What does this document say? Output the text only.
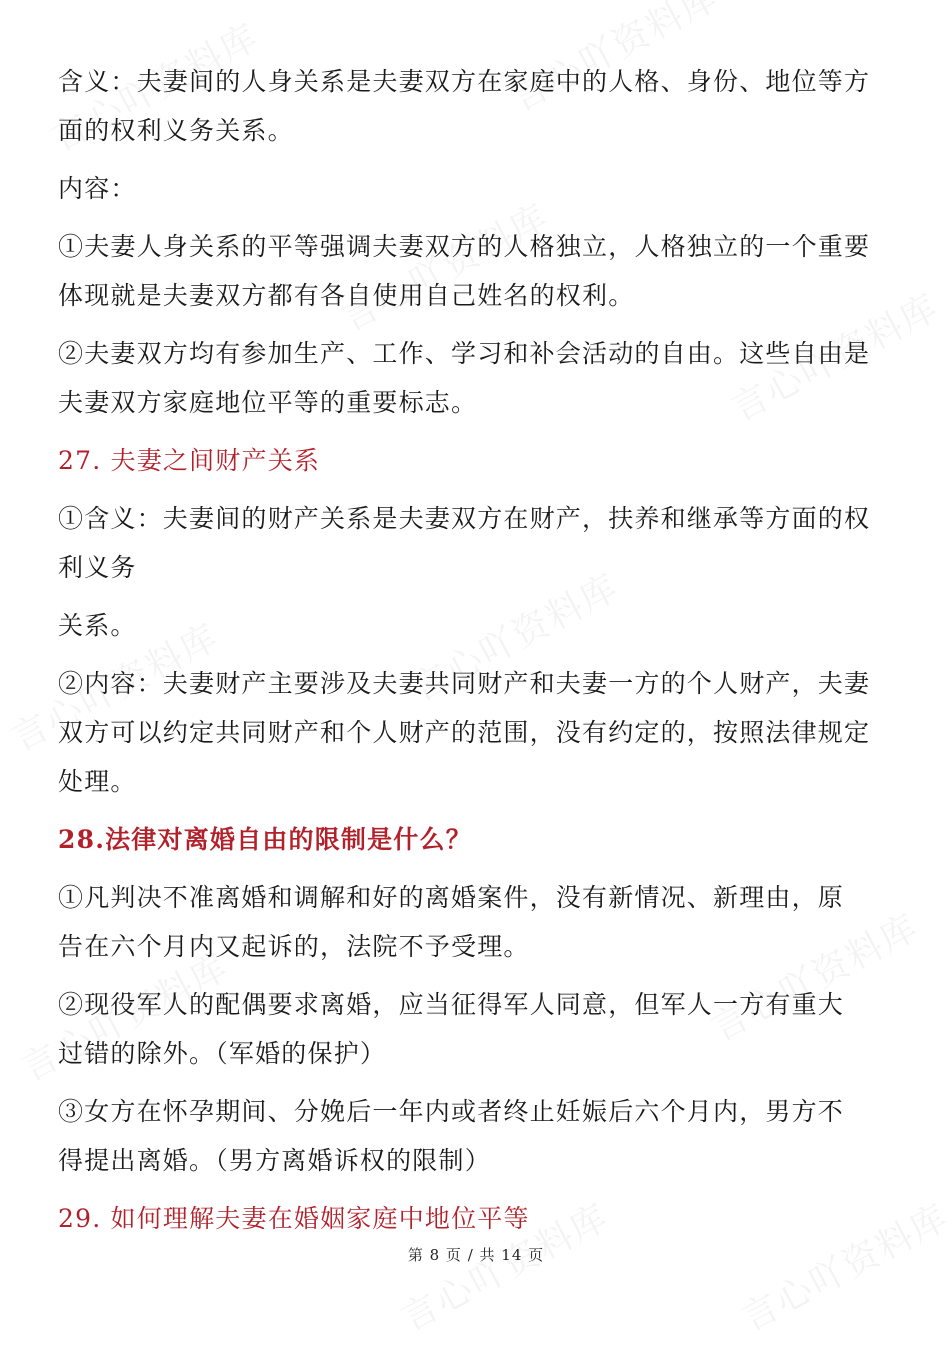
含义：夫妻间的人身关系是夫妻双方在家庭中的人格、身份、地位等方
面的权利义务关系。

内容：

①夫妻人身关系的平等强调夫妻双方的人格独立，人格独立的一个重要
体现就是夫妻双方都有各自使用自己姓名的权利。

②夫妻双方均有参加生产、工作、学习和补会活动的自由。这些自由是
夫妻双方家庭地位平等的重要标志。

27. 夫妻之间财产关系

①含义：夫妻间的财产关系是夫妻双方在财产，扶养和继承等方面的权
利义务

关系。

②内容：夫妻财产主要涉及夫妻共同财产和夫妻一方的个人财产，夫妻
双方可以约定共同财产和个人财产的范围，没有约定的，按照法律规定
处理。

28.法律对离婚自由的限制是什么？

①凡判决不准离婚和调解和好的离婚案件，没有新情况、新理由，原
告在六个月内又起诉的，法院不予受理。

②现役军人的配偶要求离婚，应当征得军人同意，但军人一方有重大
过错的除外。（军婚的保护）

③女方在怀孕期间、分娩后一年内或者终止妊娠后六个月内，男方不
得提出离婚。（男方离婚诉权的限制）

29. 如何理解夫妻在婚姻家庭中地位平等

第 8 页 / 共 14 页
